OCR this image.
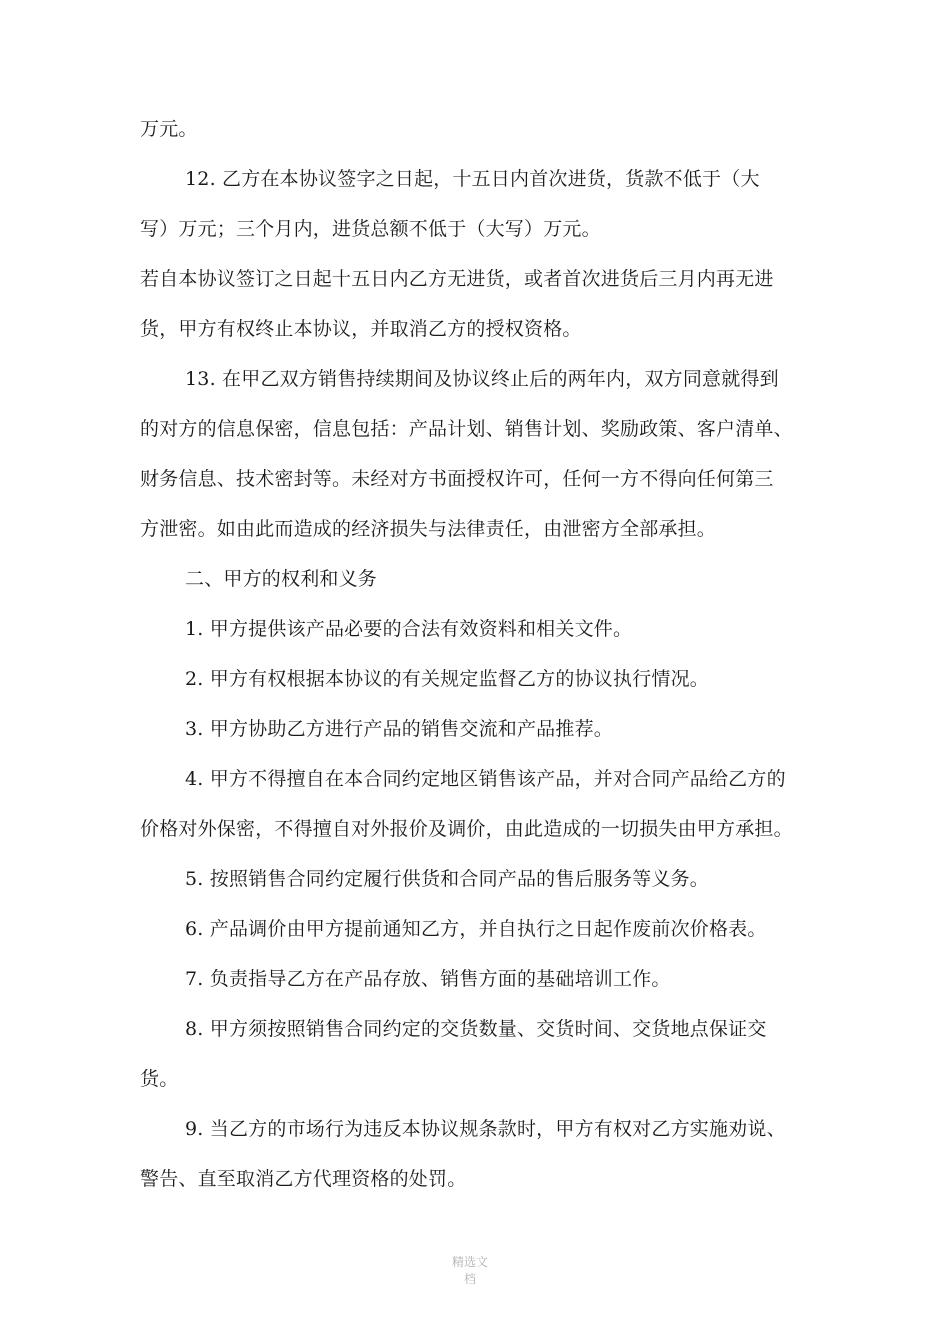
万元。
12. 乙方在本协议签字之日起，十五日内首次进货，货款不低于（大
写）万元；三个月内，进货总额不低于（大写）万元。
若自本协议签订之日起十五日内乙方无进货，或者首次进货后三月内再无进
货，甲方有权终止本协议，并取消乙方的授权资格。
13. 在甲乙双方销售持续期间及协议终止后的两年内，双方同意就得到
的对方的信息保密，信息包括：产品计划、销售计划、奖励政策、客户清单、
财务信息、技术密封等。未经对方书面授权许可，任何一方不得向任何第三
方泄密。如由此而造成的经济损失与法律责任，由泄密方全部承担。
二、甲方的权利和义务
1. 甲方提供该产品必要的合法有效资料和相关文件。
2. 甲方有权根据本协议的有关规定监督乙方的协议执行情况。
3. 甲方协助乙方进行产品的销售交流和产品推荐。
4. 甲方不得擅自在本合同约定地区销售该产品，并对合同产品给乙方的
价格对外保密，不得擅自对外报价及调价，由此造成的一切损失由甲方承担。
5. 按照销售合同约定履行供货和合同产品的售后服务等义务。
6. 产品调价由甲方提前通知乙方，并自执行之日起作废前次价格表。
7. 负责指导乙方在产品存放、销售方面的基础培训工作。
8. 甲方须按照销售合同约定的交货数量、交货时间、交货地点保证交
货。
9. 当乙方的市场行为违反本协议规条款时，甲方有权对乙方实施劝说、
警告、直至取消乙方代理资格的处罚。
精选文
档
